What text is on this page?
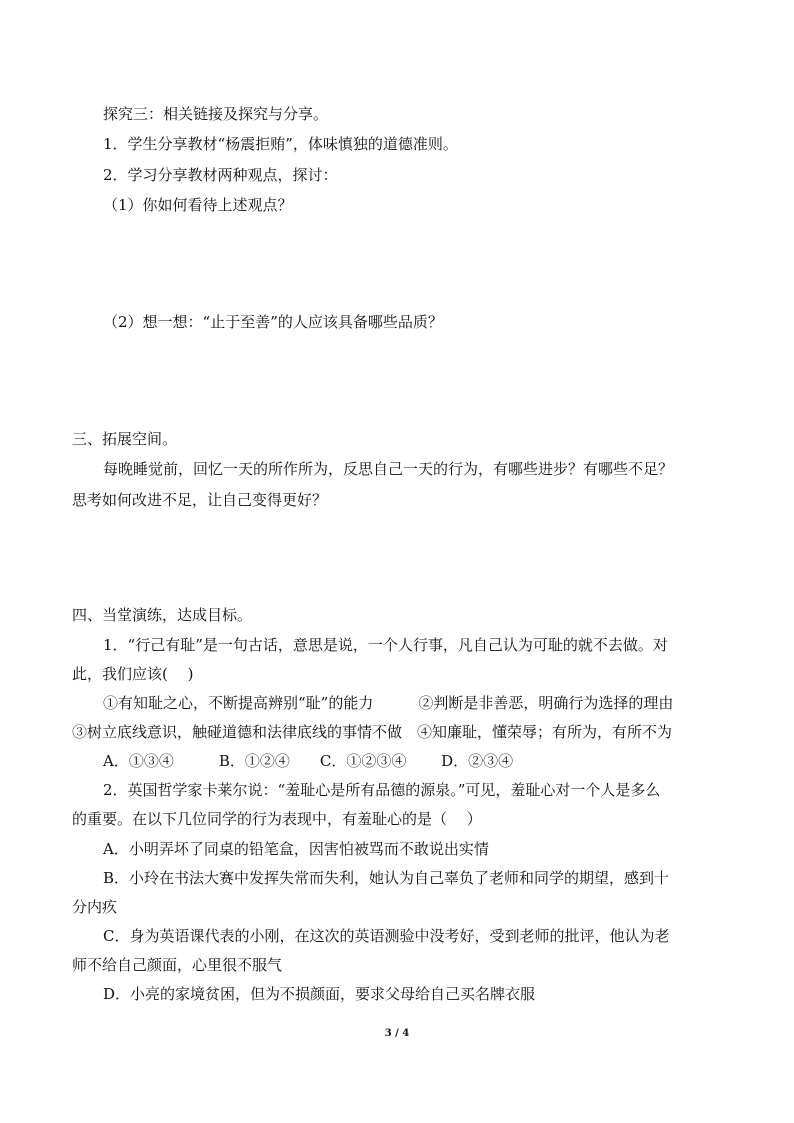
探究三：相关链接及探究与分享。
1．学生分享教材“杨震拒贿”，体味慎独的道德准则。
2．学习分享教材两种观点，探讨：
（1）你如何看待上述观点？
（2）想一想：“止于至善”的人应该具备哪些品质？
三、拓展空间。
每晚睡觉前，回忆一天的所作所为，反思自己一天的行为，有哪些进步？有哪些不足？
思考如何改进不足，让自己变得更好？
四、当堂演练，达成目标。
1．“行己有耻”是一句古话，意思是说，一个人行事，凡自己认为可耻的就不去做。对
此，我们应该(　 )
①有知耻之心，不断提高辨别“耻”的能力　　　②判断是非善恶，明确行为选择的理由
③树立底线意识，触碰道德和法律底线的事情不做　④知廉耻，懂荣辱；有所为，有所不为
A．①③④　　　B．①②④　　C．①②③④　　 D．②③④
2．英国哲学家卡莱尔说：“羞耻心是所有品德的源泉。”可见，羞耻心对一个人是多么
的重要。在以下几位同学的行为表现中，有羞耻心的是（　 ）
A．小明弄坏了同桌的铅笔盒，因害怕被骂而不敢说出实情
B．小玲在书法大赛中发挥失常而失利，她认为自己辜负了老师和同学的期望，感到十
分内疚
C．身为英语课代表的小刚，在这次的英语测验中没考好，受到老师的批评，他认为老
师不给自己颜面，心里很不服气
D．小亮的家境贫困，但为不损颜面，要求父母给自己买名牌衣服
3 / 4
